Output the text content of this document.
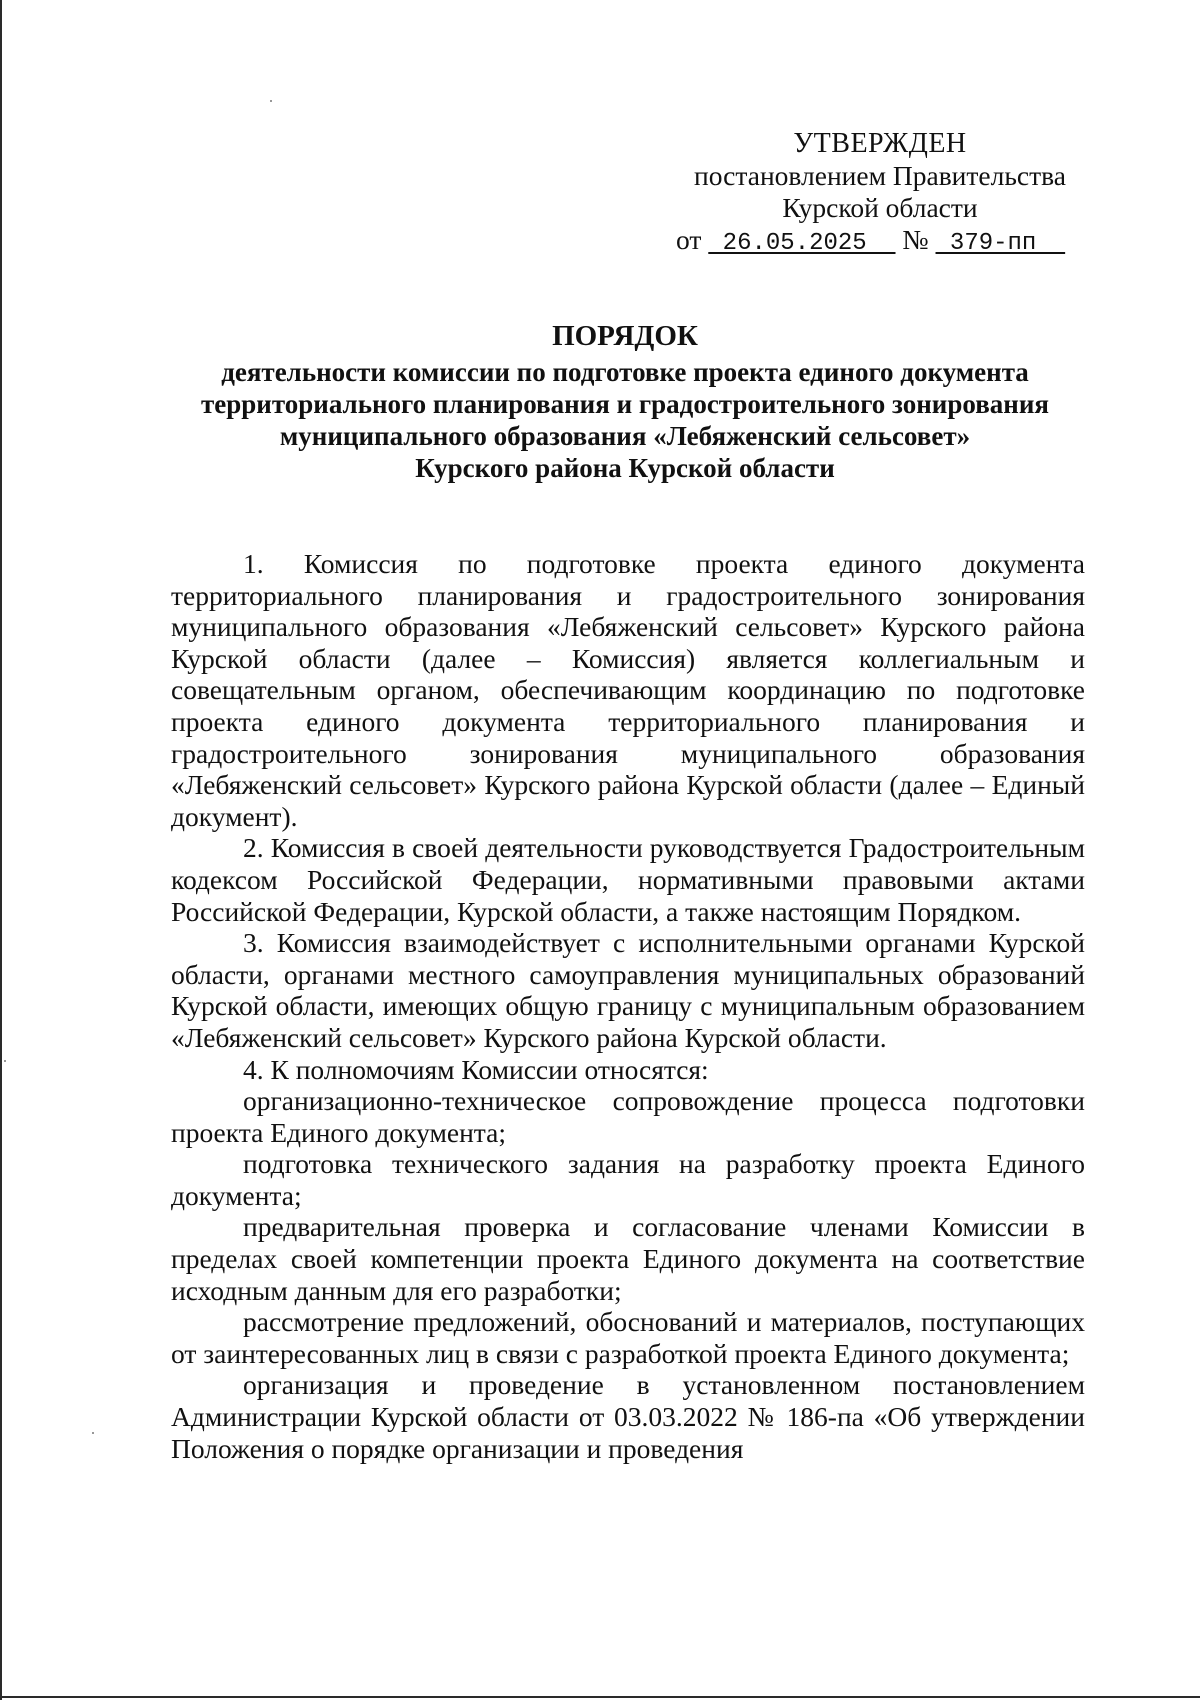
УТВЕРЖДЕН
постановлением Правительства
Курской области
от  26.05.2025   №  379-пп
ПОРЯДОК
деятельности комиссии по подготовке проекта единого документа
территориального планирования и градостроительного зонирования
муниципального образования «Лебяженский сельсовет»
Курского района Курской области

1. Комиссия по подготовке проекта единого документа территориального планирования и градостроительного зонирования муниципального образования «Лебяженский сельсовет» Курского района Курской области (далее – Комиссия) является коллегиальным и совещательным органом, обеспечивающим координацию по подготовке проекта единого документа территориального планирования и градостроительного зонирования муниципального образования «Лебяженский сельсовет» Курского района Курской области (далее – Единый документ).

2. Комиссия в своей деятельности руководствуется Градостроительным кодексом Российской Федерации, нормативными правовыми актами Российской Федерации, Курской области, а также настоящим Порядком.

3. Комиссия взаимодействует с исполнительными органами Курской области, органами местного самоуправления муниципальных образований Курской области, имеющих общую границу с муниципальным образованием «Лебяженский сельсовет» Курского района Курской области.

4. К полномочиям Комиссии относятся:

организационно-техническое сопровождение процесса подготовки проекта Единого документа;

подготовка технического задания на разработку проекта Единого документа;

предварительная проверка и согласование членами Комиссии в пределах своей компетенции проекта Единого документа на соответствие исходным данным для его разработки;

рассмотрение предложений, обоснований и материалов, поступающих от заинтересованных лиц в связи с разработкой проекта Единого документа;

организация и проведение в установленном постановлением Администрации Курской области от 03.03.2022 № 186-па «Об утверждении Положения о порядке организации и проведения
